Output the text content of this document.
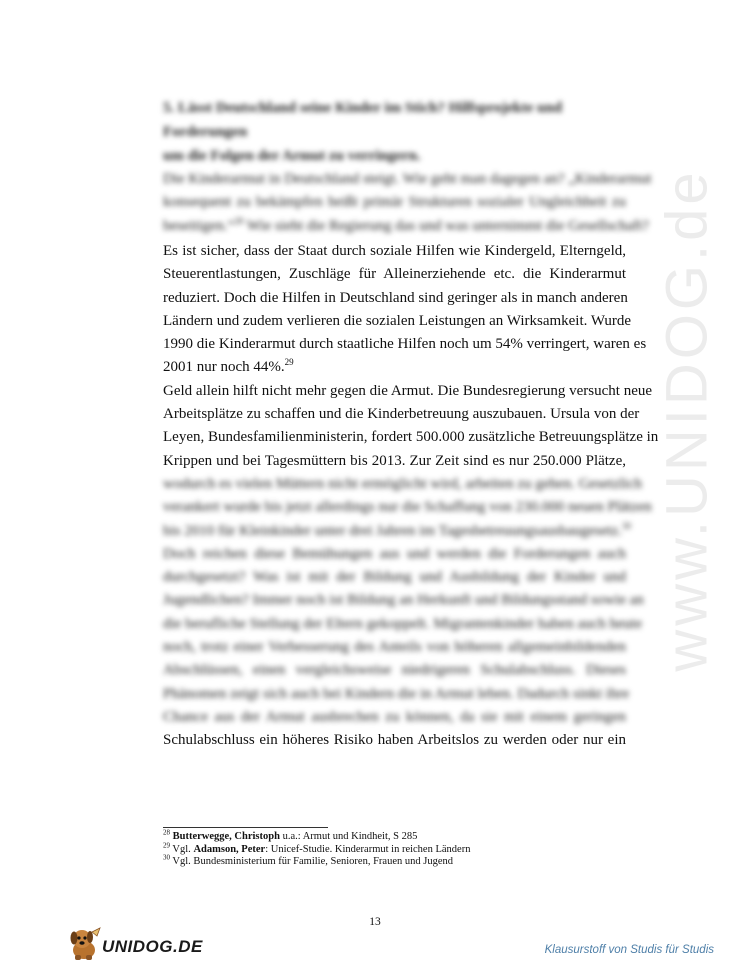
5. Lässt Deutschland seine Kinder im Stich? Hilfsprojekte und Forderungen
um die Folgen der Armut zu verringern.
Die Kinderarmut in Deutschland steigt. Wie geht man dagegen an? „Kinderarmut
konsequent zu bekämpfen heißt primär Strukturen sozialer Ungleichheit zu
beseitigen.“$^{28}$ Wie sieht die Regierung das und was unternimmt die Gesellschaft?
Es ist sicher, dass der Staat durch soziale Hilfen wie Kindergeld, Elterngeld,
Steuerentlastungen, Zuschläge für Alleinerziehende etc. die Kinderarmut
reduziert. Doch die Hilfen in Deutschland sind geringer als in manch anderen
Ländern und zudem verlieren die sozialen Leistungen an Wirksamkeit. Wurde
1990 die Kinderarmut durch staatliche Hilfen noch um 54% verringert, waren es
2001 nur noch 44%.$^{29}$
Geld allein hilft nicht mehr gegen die Armut. Die Bundesregierung versucht neue
Arbeitsplätze zu schaffen und die Kinderbetreuung auszubauen. Ursula von der
Leyen, Bundesfamilienministerin, fordert 500.000 zusätzliche Betreuungsplätze in
Krippen und bei Tagesmüttern bis 2013. Zur Zeit sind es nur 250.000 Plätze,
wodurch es vielen Müttern nicht ermöglicht wird, arbeiten zu gehen. Gesetzlich
verankert wurde bis jetzt allerdings nur die Schaffung von 230.000 neuen Plätzen
bis 2010 für Kleinkinder unter drei Jahren im Tagesbetreuungsausbaugesetz.$^{30}$
Doch reichen diese Bemühungen aus und werden die Forderungen auch
durchgesetzt? Was ist mit der Bildung und Ausbildung der Kinder und
Jugendlichen? Immer noch ist Bildung an Herkunft und Bildungsstand sowie an
die berufliche Stellung der Eltern gekoppelt. Migrantenkinder haben auch heute
noch, trotz einer Verbesserung des Anteils von höheren allgemeinbildenden
Abschlüssen, einen vergleichsweise niedrigeren Schulabschluss. Dieses
Phänomen zeigt sich auch bei Kindern die in Armut leben. Dadurch sinkt ihre
Chance aus der Armut ausbrechen zu können, da sie mit einem geringen
Schulabschluss ein höheres Risiko haben Arbeitslos zu werden oder nur ein
$^{28}$ Butterwegge, Christoph u.a.: Armut und Kindheit, S 285
$^{29}$ Vgl. Adamson, Peter: Unicef-Studie. Kinderarmut in reichen Ländern
$^{30}$ Vgl. Bundesministerium für Familie, Senioren, Frauen und Jugend
13
www.UNIDOG.de
UNIDOG.DE	Klausurstoff von Studis für Studis
